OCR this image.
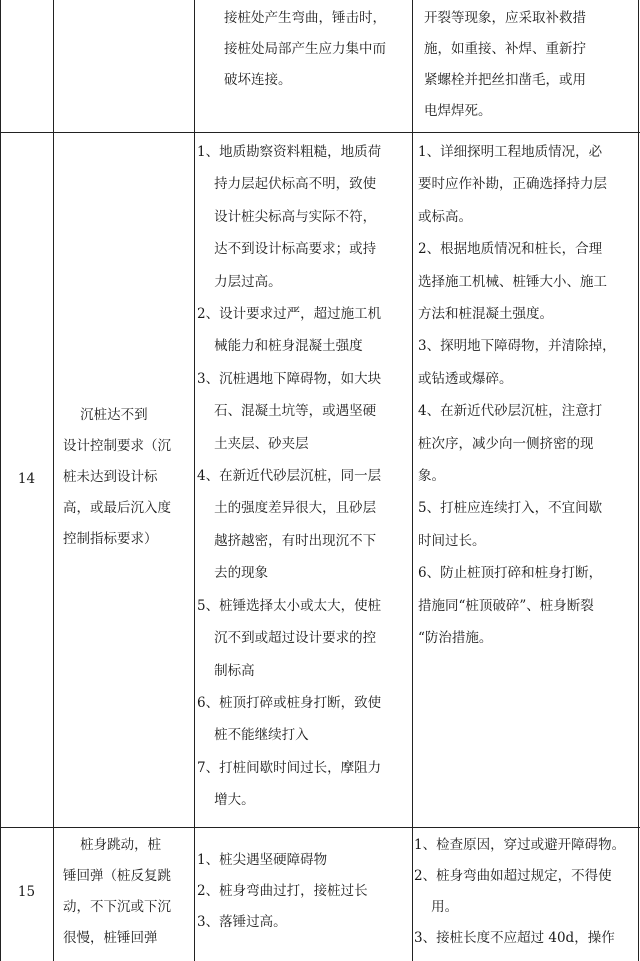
接桩处产生弯曲，锤击时，

接桩处局部产生应力集中而

破坏连接。

开裂等现象，应采取补救措

施，如重接、补焊、重新拧

紧螺栓并把丝扣凿毛，或用

电焊焊死。

14

沉桩达不到

设计控制要求（沉

桩未达到设计标

高，或最后沉入度

控制指标要求）

1、地质勘察资料粗糙，地质荷

持力层起伏标高不明，致使

设计桩尖标高与实际不符，

达不到设计标高要求；或持

力层过高。

2、设计要求过严，超过施工机

械能力和桩身混凝土强度

3、沉桩遇地下障碍物，如大块

石、混凝土坑等，或遇坚硬

土夹层、砂夹层

4、在新近代砂层沉桩，同一层

土的强度差异很大，且砂层

越挤越密，有时出现沉不下

去的现象

5、桩锤选择太小或太大，使桩

沉不到或超过设计要求的控

制标高

6、桩顶打碎或桩身打断，致使

桩不能继续打入

7、打桩间歇时间过长，摩阻力

增大。

1、详细探明工程地质情况，必

要时应作补勘，正确选择持力层

或标高。

2、根据地质情况和桩长，合理

选择施工机械、桩锤大小、施工

方法和桩混凝土强度。

3、探明地下障碍物，并清除掉，

或钻透或爆碎。

4、在新近代砂层沉桩，注意打

桩次序，减少向一侧挤密的现

象。

5、打桩应连续打入，不宜间歇

时间过长。

6、防止桩顶打碎和桩身打断，

措施同“桩顶破碎”、桩身断裂

“防治措施。

15

桩身跳动，桩

锤回弹（桩反复跳

动，不下沉或下沉

很慢，桩锤回弹

1、桩尖遇坚硬障碍物

2、桩身弯曲过打，接桩过长

3、落锤过高。

1、检查原因，穿过或避开障碍物。

2、桩身弯曲如超过规定，不得使

用。

3、接桩长度不应超过 40d，操作
